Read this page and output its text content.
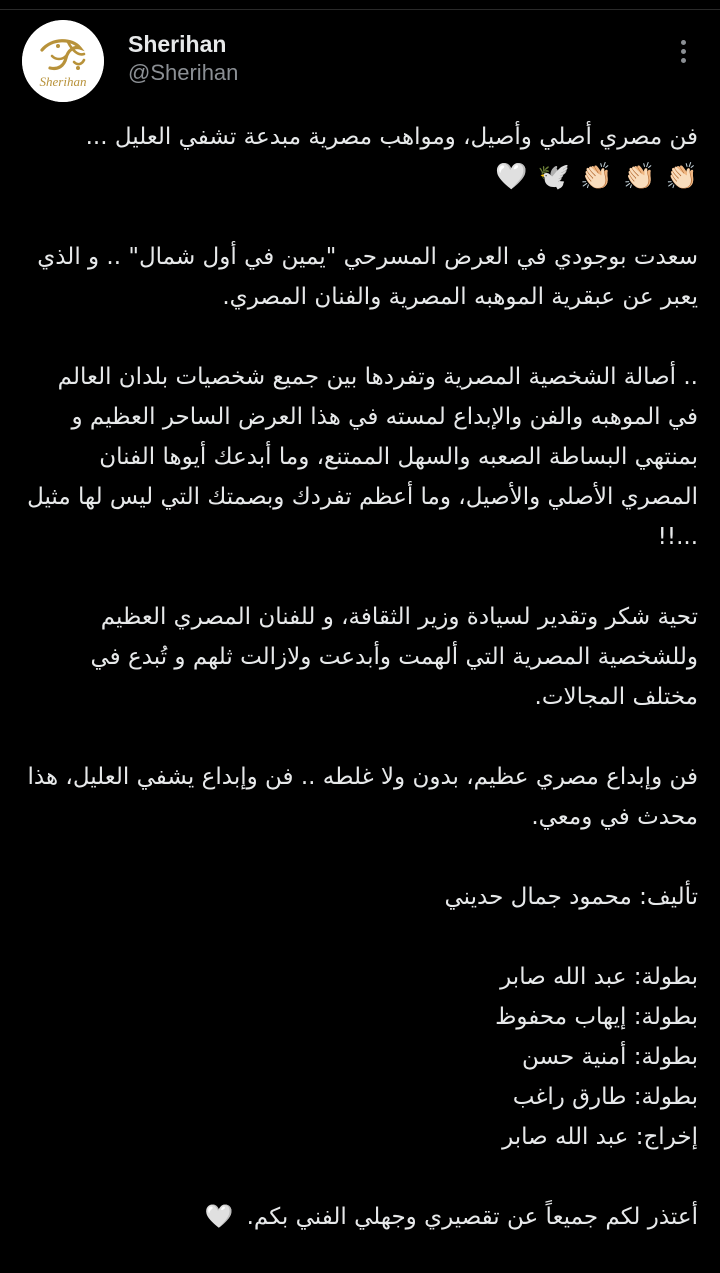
Sherihan
Sherihan
@Sherihan

فن مصري أصلي وأصيل، ومواهب مصرية مبدعة تشفي العليل ...

🤍 🕊️ 👏🏻 👏🏻 👏🏻

سعدت بوجودي في العرض المسرحي "يمين في أول شمال" .. و الذي يعبر عن عبقرية الموهبه المصرية والفنان المصري.

.. أصالة الشخصية المصرية وتفردها بين جميع شخصيات بلدان العالم في الموهبه والفن والإبداع لمسته في هذا العرض الساحر العظيم و بمنتهي البساطة الصعبه والسهل الممتنع، وما أبدعك أيوها الفنان المصري الأصلي والأصيل، وما أعظم تفردك وبصمتك التي ليس لها مثيل ...!!

تحية شكر وتقدير لسيادة وزير الثقافة، و للفنان المصري العظيم وللشخصية المصرية التي ألهمت وأبدعت ولازالت ثلهم و تُبدع في مختلف المجالات.

فن وإبداع مصري عظيم، بدون ولا غلطه .. فن وإبداع يشفي العليل، هذا محدث في ومعي.

تأليف: محمود جمال حديني

بطولة: عبد الله صابر

بطولة: إيهاب محفوظ

بطولة: أمنية حسن

بطولة: طارق راغب

إخراج: عبد الله صابر

أعتذر لكم جميعاً عن تقصيري وجهلي الفني بكم. 🤍
